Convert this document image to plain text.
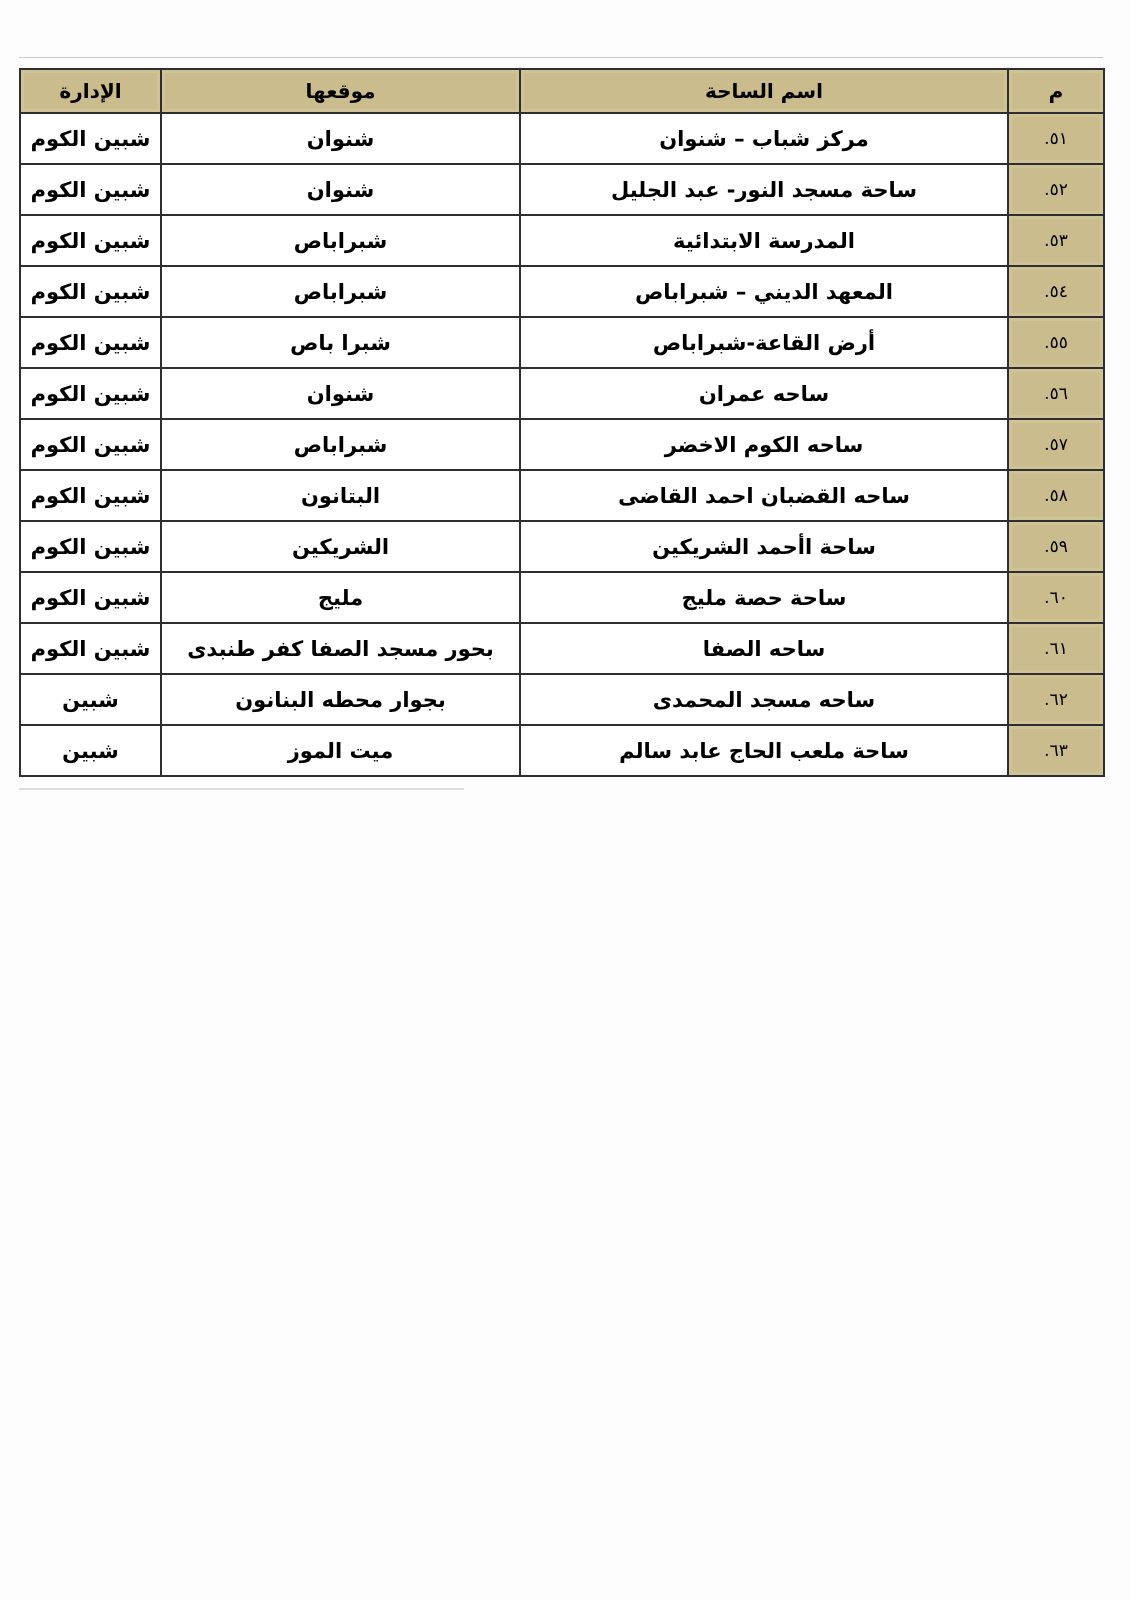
م	اسم الساحة	موقعها	الإدارة
٥١.	مركز شباب – شنوان	شنوان	شبين الكوم
٥٢.	ساحة مسجد النور- عبد الجليل	شنوان	شبين الكوم
٥٣.	المدرسة الابتدائية	شبراباص	شبين الكوم
٥٤.	المعهد الديني – شبراباص	شبراباص	شبين الكوم
٥٥.	أرض القاعة-شبراباص	شبرا باص	شبين الكوم
٥٦.	ساحه عمران	شنوان	شبين الكوم
٥٧.	ساحه الكوم الاخضر	شبراباص	شبين الكوم
٥٨.	ساحه القضبان احمد القاضى	البتانون	شبين الكوم
٥٩.	ساحة اأحمد الشريكين	الشريكين	شبين الكوم
٦٠.	ساحة حصة مليج	مليج	شبين الكوم
٦١.	ساحه الصفا	بحور مسجد الصفا كفر طنبدى	شبين الكوم
٦٢.	ساحه مسجد المحمدى	بجوار محطه البنانون	شبين
٦٣.	ساحة ملعب الحاج عابد سالم	ميت الموز	شبين
